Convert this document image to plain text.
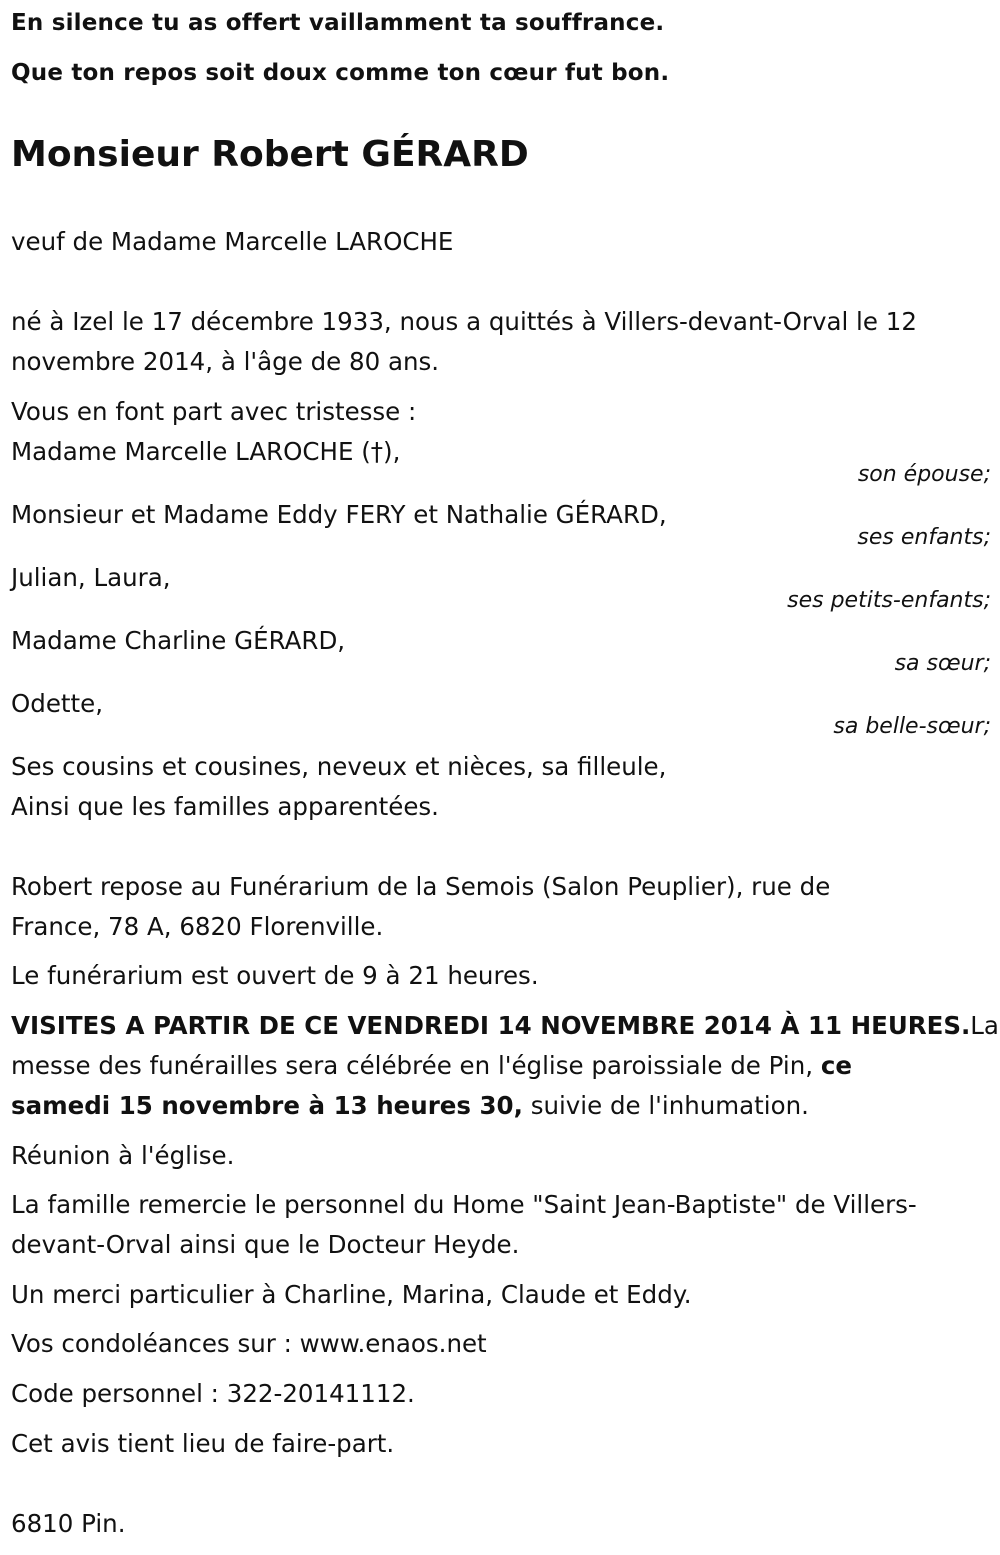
En silence tu as offert vaillamment ta souffrance.
Que ton repos soit doux comme ton cœur fut bon.
Monsieur Robert GÉRARD
veuf de Madame Marcelle LAROCHE
né à Izel le 17 décembre 1933, nous a quittés à Villers-devant-Orval le 12
novembre 2014, à l'âge de 80 ans.
Vous en font part avec tristesse :
Madame Marcelle LAROCHE (†),
son épouse;
Monsieur et Madame Eddy FERY et Nathalie GÉRARD,
ses enfants;
Julian, Laura,
ses petits-enfants;
Madame Charline GÉRARD,
sa sœur;
Odette,
sa belle-sœur;
Ses cousins et cousines, neveux et nièces, sa filleule,
Ainsi que les familles apparentées.
Robert repose au Funérarium de la Semois (Salon Peuplier), rue de
France, 78 A, 6820 Florenville.
Le funérarium est ouvert de 9 à 21 heures.
VISITES A PARTIR DE CE VENDREDI 14 NOVEMBRE 2014 À 11 HEURES.La
messe des funérailles sera célébrée en l'église paroissiale de Pin, ce
samedi 15 novembre à 13 heures 30, suivie de l'inhumation.
Réunion à l'église.
La famille remercie le personnel du Home "Saint Jean-Baptiste" de Villers-
devant-Orval ainsi que le Docteur Heyde.
Un merci particulier à Charline, Marina, Claude et Eddy.
Vos condoléances sur : www.enaos.net
Code personnel : 322-20141112.
Cet avis tient lieu de faire-part.
6810 Pin.
